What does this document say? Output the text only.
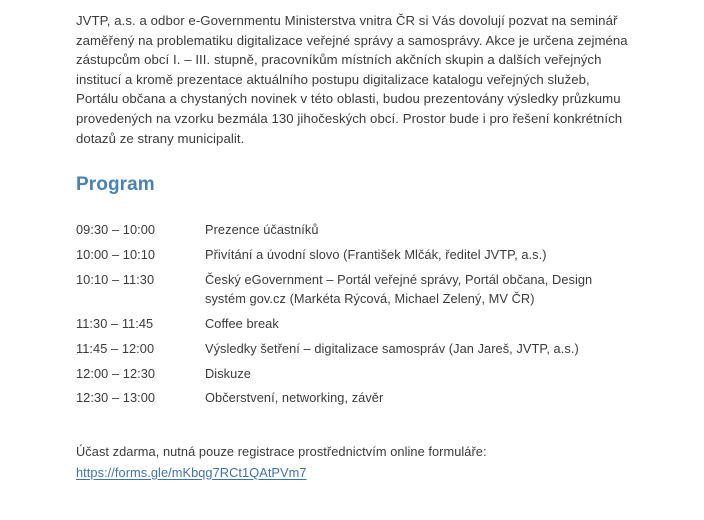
JVTP, a.s. a odbor e-Governmentu Ministerstva vnitra ČR si Vás dovolují pozvat na seminář zaměřený na problematiku digitalizace veřejné správy a samosprávy. Akce je určena zejména zástupcům obcí I. – III. stupně, pracovníkům místních akčních skupin a dalších veřejných institucí a kromě prezentace aktuálního postupu digitalizace katalogu veřejných služeb, Portálu občana a chystaných novinek v této oblasti, budou prezentovány výsledky průzkumu provedených na vzorku bezmála 130 jihočeských obcí. Prostor bude i pro řešení konkrétních dotazů ze strany municipalit.

Program
09:30 – 10:00	Prezence účastníků
10:00 – 10:10	Přivítání a úvodní slovo (František Mlčák, ředitel JVTP, a.s.)
10:10 – 11:30	Český eGovernment – Portál veřejné správy, Portál občana, Design systém gov.cz (Markéta Rýcová, Michael Zelený, MV ČR)
11:30 – 11:45	Coffee break
11:45 – 12:00	Výsledky šetření – digitalizace samospráv (Jan Jareš, JVTP, a.s.)
12:00 – 12:30	Diskuze
12:30 – 13:00	Občerstvení, networking, závěr

Účast zdarma, nutná pouze registrace prostřednictvím online formuláře:
https://forms.gle/mKbqg7RCt1QAtPVm7
